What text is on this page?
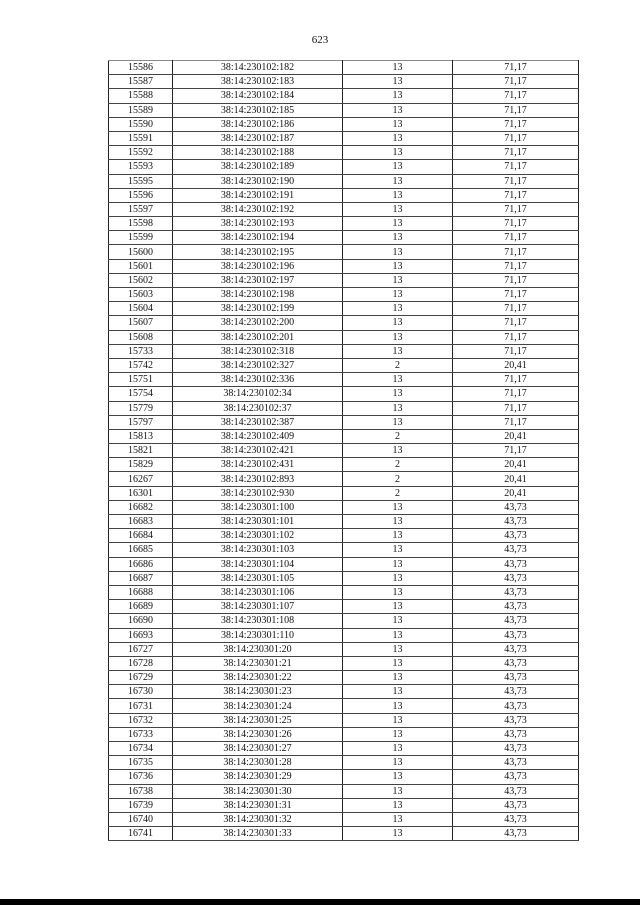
623
15586	38:14:230102:182	13	71,17
15587	38:14:230102:183	13	71,17
15588	38:14:230102:184	13	71,17
15589	38:14:230102:185	13	71,17
15590	38:14:230102:186	13	71,17
15591	38:14:230102:187	13	71,17
15592	38:14:230102:188	13	71,17
15593	38:14:230102:189	13	71,17
15595	38:14:230102:190	13	71,17
15596	38:14:230102:191	13	71,17
15597	38:14:230102:192	13	71,17
15598	38:14:230102:193	13	71,17
15599	38:14:230102:194	13	71,17
15600	38:14:230102:195	13	71,17
15601	38:14:230102:196	13	71,17
15602	38:14:230102:197	13	71,17
15603	38:14:230102:198	13	71,17
15604	38:14:230102:199	13	71,17
15607	38:14:230102:200	13	71,17
15608	38:14:230102:201	13	71,17
15733	38:14:230102:318	13	71,17
15742	38:14:230102:327	2	20,41
15751	38:14:230102:336	13	71,17
15754	38:14:230102:34	13	71,17
15779	38:14:230102:37	13	71,17
15797	38:14:230102:387	13	71,17
15813	38:14:230102:409	2	20,41
15821	38:14:230102:421	13	71,17
15829	38:14:230102:431	2	20,41
16267	38:14:230102:893	2	20,41
16301	38:14:230102:930	2	20,41
16682	38:14:230301:100	13	43,73
16683	38:14:230301:101	13	43,73
16684	38:14:230301:102	13	43,73
16685	38:14:230301:103	13	43,73
16686	38:14:230301:104	13	43,73
16687	38:14:230301:105	13	43,73
16688	38:14:230301:106	13	43,73
16689	38:14:230301:107	13	43,73
16690	38:14:230301:108	13	43,73
16693	38:14:230301:110	13	43,73
16727	38:14:230301:20	13	43,73
16728	38:14:230301:21	13	43,73
16729	38:14:230301:22	13	43,73
16730	38:14:230301:23	13	43,73
16731	38:14:230301:24	13	43,73
16732	38:14:230301:25	13	43,73
16733	38:14:230301:26	13	43,73
16734	38:14:230301:27	13	43,73
16735	38:14:230301:28	13	43,73
16736	38:14:230301:29	13	43,73
16738	38:14:230301:30	13	43,73
16739	38:14:230301:31	13	43,73
16740	38:14:230301:32	13	43,73
16741	38:14:230301:33	13	43,73
